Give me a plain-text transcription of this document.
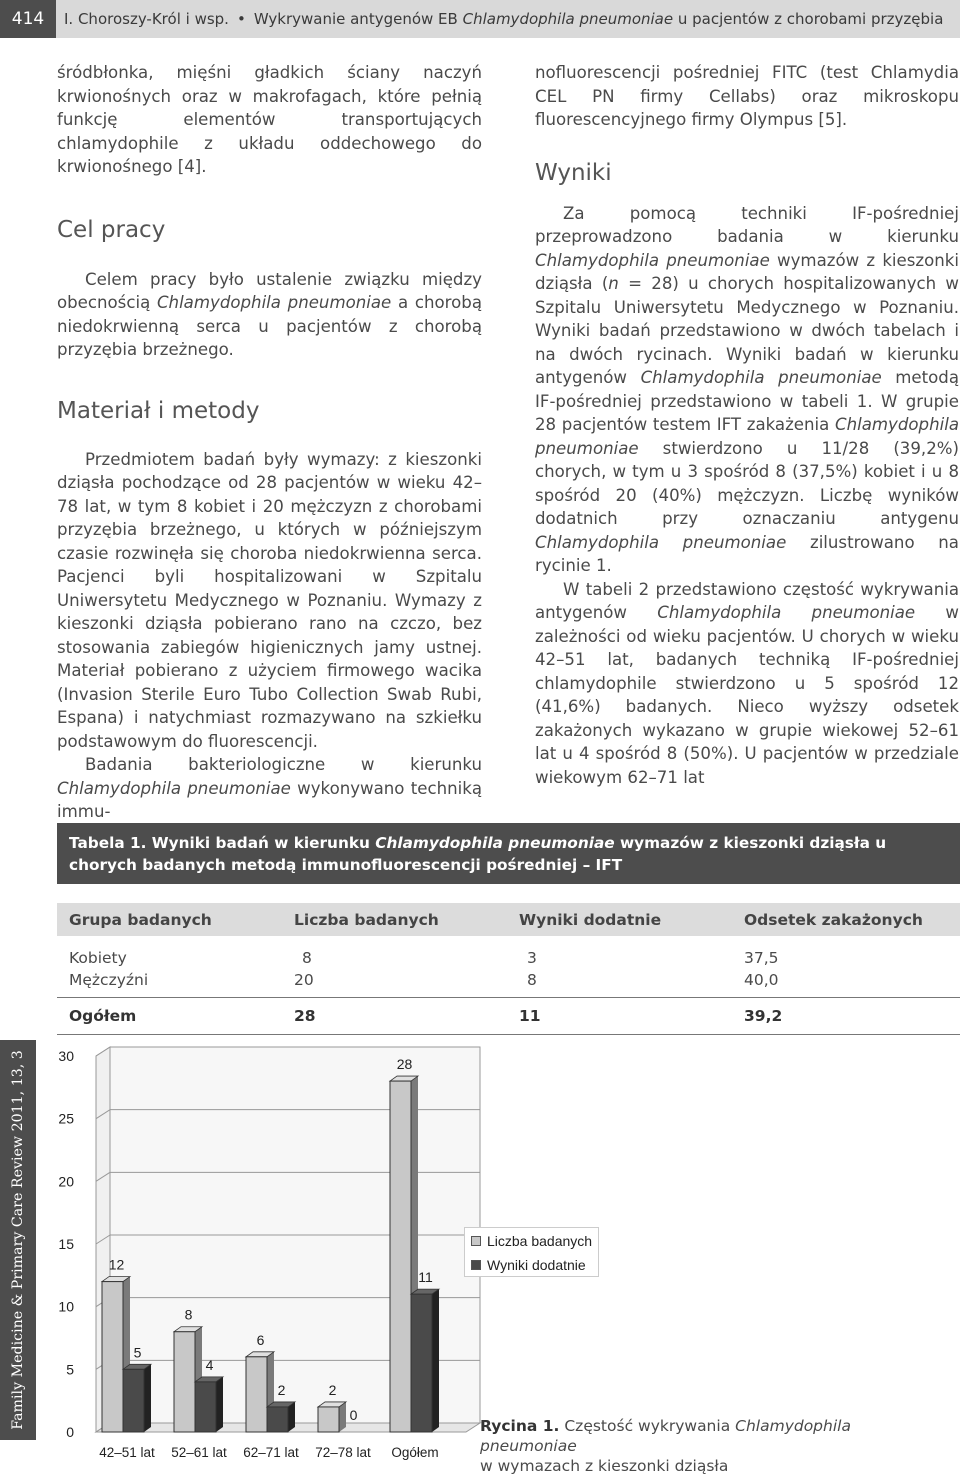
414	I. Choroszy-Król i wsp. • Wykrywanie antygenów EB Chlamydophila pneumoniae u pacjentów z chorobami przyzębia

śródbłonka, mięśni gładkich ściany naczyń krwionośnych oraz w makrofagach, które pełnią funkcję elementów transportujących chlamydophile z układu oddechowego do krwionośnego [4].

Cel pracy

Celem pracy było ustalenie związku między obecnością Chlamydophila pneumoniae a chorobą niedokrwienną serca u pacjentów z chorobą przyzębia brzeżnego.

Materiał i metody

Przedmiotem badań były wymazy: z kieszonki dziąsła pochodzące od 28 pacjentów w wieku 42–78 lat, w tym 8 kobiet i 20 mężczyzn z chorobami przyzębia brzeżnego, u których w późniejszym czasie rozwinęła się choroba niedokrwienna serca. Pacjenci byli hospitalizowani w Szpitalu Uniwersytetu Medycznego w Poznaniu. Wymazy z kieszonki dziąsła pobierano rano na czczo, bez stosowania zabiegów higienicznych jamy ustnej. Materiał pobierano z użyciem firmowego wacika (Invasion Sterile Euro Tubo Collection Swab Rubi, Espana) i natychmiast rozmazywano na szkiełku podstawowym do fluorescencji.

Badania bakteriologiczne w kierunku Chlamydophila pneumoniae wykonywano techniką immu-

nofluorescencji pośredniej FITC (test Chlamydia CEL PN firmy Cellabs) oraz mikroskopu fluorescencyjnego firmy Olympus [5].

Wyniki

Za pomocą techniki IF-pośredniej przeprowadzono badania w kierunku Chlamydophila pneumoniae wymazów z kieszonki dziąsła (n = 28) u chorych hospitalizowanych w Szpitalu Uniwersytetu Medycznego w Poznaniu. Wyniki badań przedstawiono w dwóch tabelach i na dwóch rycinach. Wyniki badań w kierunku antygenów Chlamydophila pneumoniae metodą IF-pośredniej przedstawiono w tabeli 1. W grupie 28 pacjentów testem IFT zakażenia Chlamydophila pneumoniae stwierdzono u 11/28 (39,2%) chorych, w tym u 3 spośród 8 (37,5%) kobiet i u 8 spośród 20 (40%) mężczyzn. Liczbę wyników dodatnich przy oznaczaniu antygenu Chlamydophila pneumoniae zilustrowano na rycinie 1.

W tabeli 2 przedstawiono częstość wykrywania antygenów Chlamydophila pneumoniae w zależności od wieku pacjentów. U chorych w wieku 42–51 lat, badanych techniką IF-pośredniej chlamydophile stwierdzono u 5 spośród 12 (41,6%) badanych. Nieco wyższy odsetek zakażonych wykazano w grupie wiekowej 52–61 lat u 4 spośród 8 (50%). U pacjentów w przedziale wiekowym 62–71 lat

Tabela 1. Wyniki badań w kierunku Chlamydophila pneumoniae wymazów z kieszonki dziąsła u chorych badanych metodą immunofluorescencji pośredniej – IFT
Grupa badanych	Liczba badanych	Wyniki dodatnie	Odsetek zakażonych
Kobiety	8	3	37,5
Mężczyźni	20	8	40,0
Ogółem	28	11	39,2
Family Medicine & Primary Care Review 2011, 13, 3
0
5
10
15
20
25
30
12
5
42–51 lat
8
4
52–61 lat
6
2
62–71 lat
2
0
72–78 lat
28
11
Ogółem
Liczba badanych
Wyniki dodatnie
Rycina 1. Częstość wykrywania Chlamydophila pneumoniae
w wymazach z kieszonki dziąsła
